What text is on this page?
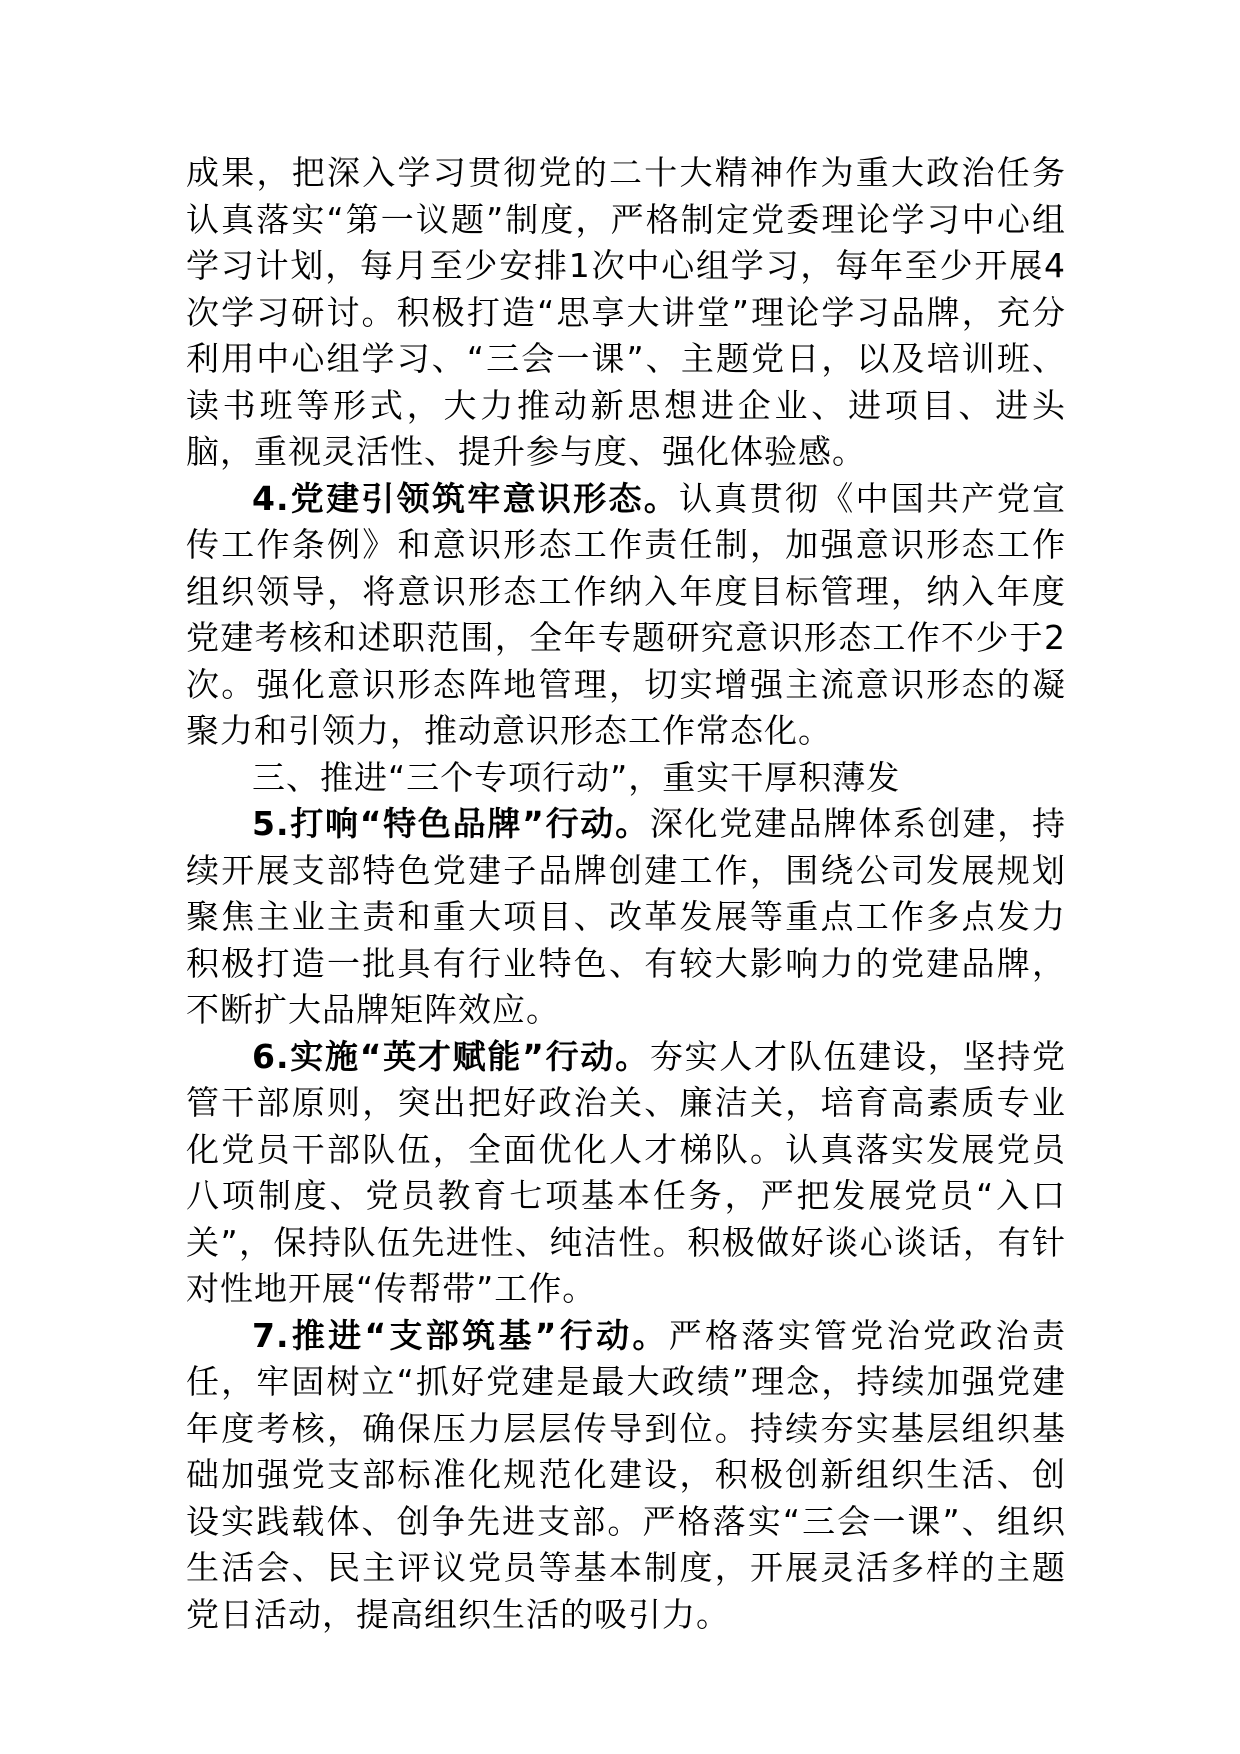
成果，把深入学习贯彻党的二十大精神作为重大政治任务认真落实“第一议题”制度，严格制定党委理论学习中心组学习计划，每月至少安排1次中心组学习，每年至少开展4次学习研讨。积极打造“思享大讲堂”理论学习品牌，充分利用中心组学习、“三会一课”、主题党日，以及培训班、读书班等形式，大力推动新思想进企业、进项目、进头脑，重视灵活性、提升参与度、强化体验感。

4.党建引领筑牢意识形态。认真贯彻《中国共产党宣传工作条例》和意识形态工作责任制，加强意识形态工作组织领导，将意识形态工作纳入年度目标管理，纳入年度党建考核和述职范围，全年专题研究意识形态工作不少于2次。强化意识形态阵地管理，切实增强主流意识形态的凝聚力和引领力，推动意识形态工作常态化。

三、推进“三个专项行动”，重实干厚积薄发

5.打响“特色品牌”行动。深化党建品牌体系创建，持续开展支部特色党建子品牌创建工作，围绕公司发展规划聚焦主业主责和重大项目、改革发展等重点工作多点发力积极打造一批具有行业特色、有较大影响力的党建品牌，不断扩大品牌矩阵效应。

6.实施“英才赋能”行动。夯实人才队伍建设，坚持党管干部原则，突出把好政治关、廉洁关，培育高素质专业化党员干部队伍，全面优化人才梯队。认真落实发展党员八项制度、党员教育七项基本任务，严把发展党员“入口关”，保持队伍先进性、纯洁性。积极做好谈心谈话，有针对性地开展“传帮带”工作。

7.推进“支部筑基”行动。严格落实管党治党政治责任，牢固树立“抓好党建是最大政绩”理念，持续加强党建年度考核，确保压力层层传导到位。持续夯实基层组织基础加强党支部标准化规范化建设，积极创新组织生活、创设实践载体、创争先进支部。严格落实“三会一课”、组织生活会、民主评议党员等基本制度，开展灵活多样的主题党日活动，提高组织生活的吸引力。
